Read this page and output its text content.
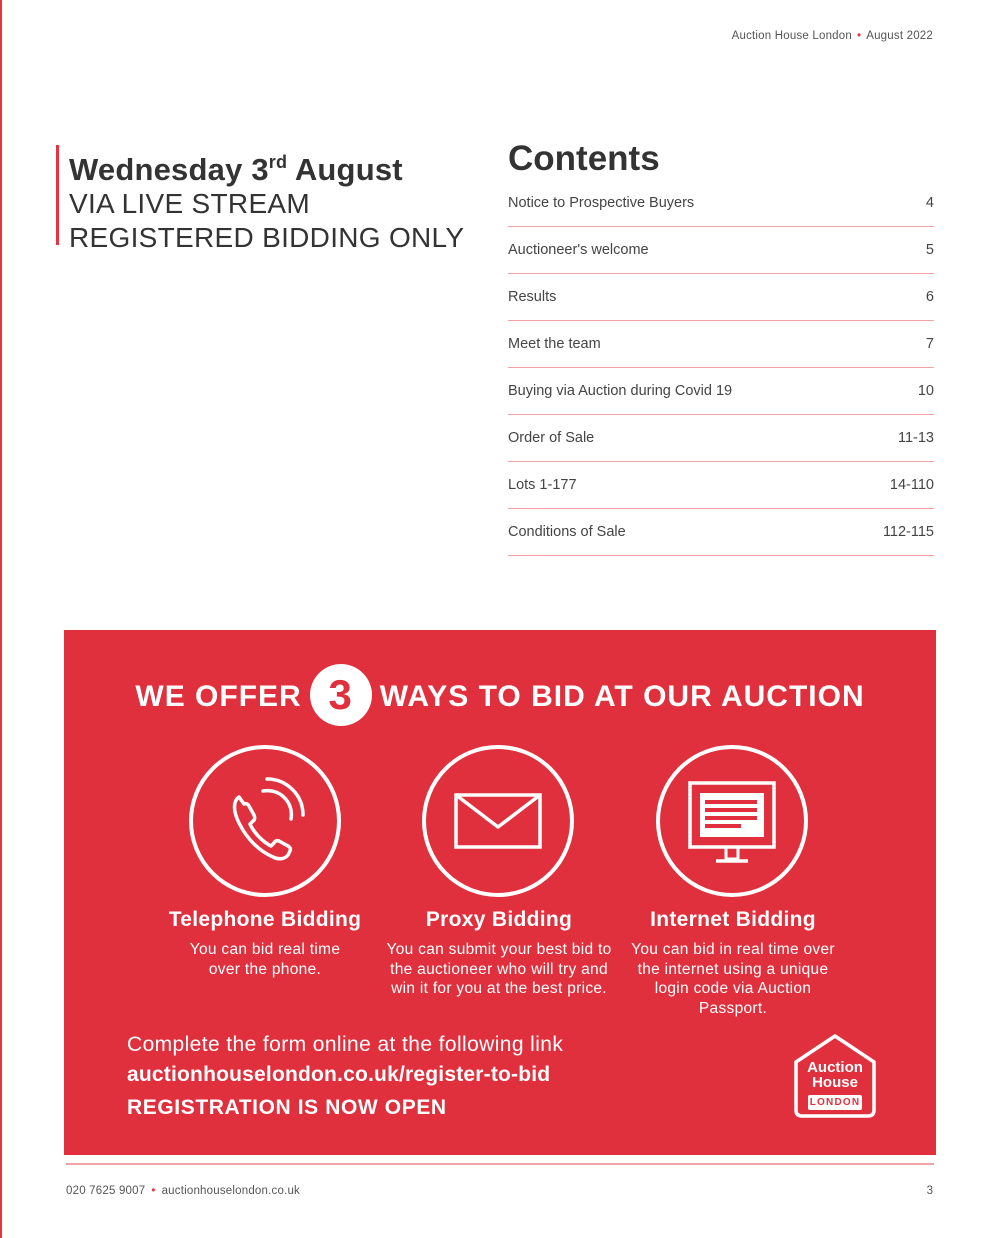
Auction House London • August 2022
Wednesday 3rd August
VIA LIVE STREAM
REGISTERED BIDDING ONLY
Contents
Notice to Prospective Buyers	4
Auctioneer's welcome	5
Results	6
Meet the team	7
Buying via Auction during Covid 19	10
Order of Sale	11-13
Lots 1-177	14-110
Conditions of Sale	112-115
WE OFFER 3 WAYS TO BID AT OUR AUCTION
Telephone Bidding
You can bid real time over the phone.
Proxy Bidding
You can submit your best bid to the auctioneer who will try and win it for you at the best price.
Internet Bidding
You can bid in real time over the internet using a unique login code via Auction Passport.
Complete the form online at the following link
auctionhouselondon.co.uk/register-to-bid
REGISTRATION IS NOW OPEN
Auction
House
LONDON
020 7625 9007 • auctionhouselondon.co.uk	3
